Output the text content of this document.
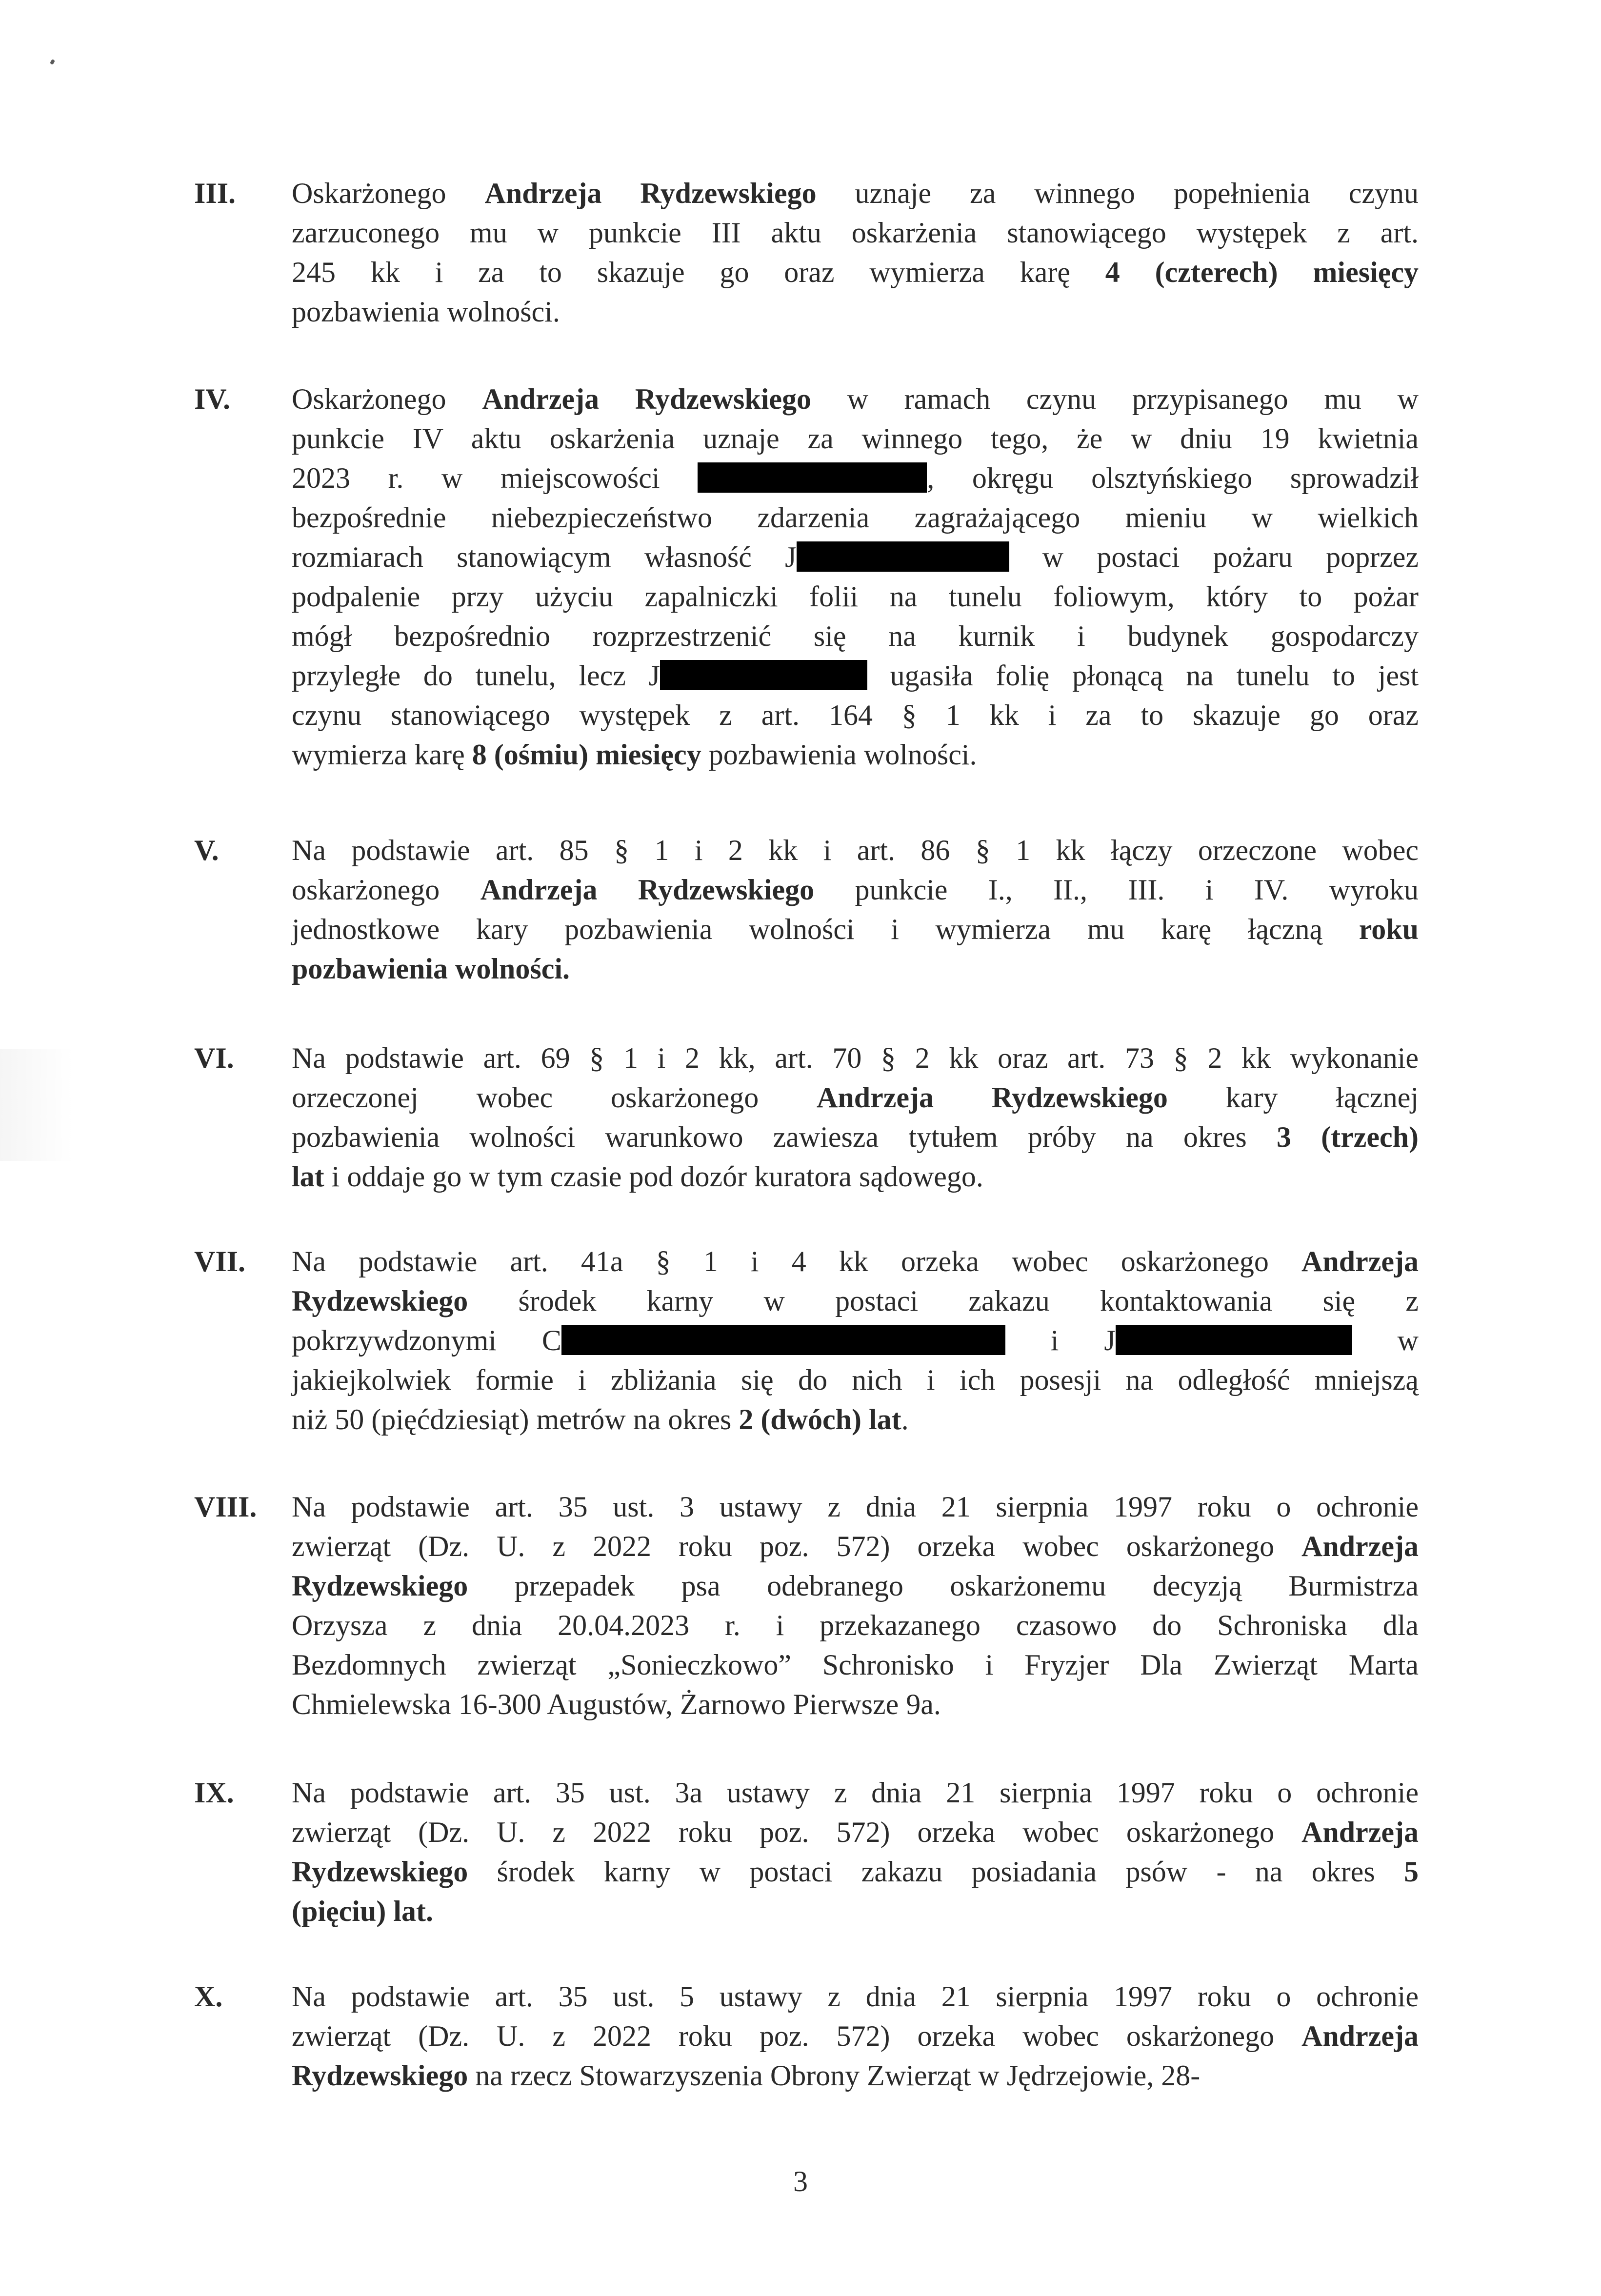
III. Oskarżonego Andrzeja Rydzewskiego uznaje za winnego popełnienia czynu
zarzuconego mu w punkcie III aktu oskarżenia stanowiącego występek z art.
245 kk i za to skazuje go oraz wymierza karę 4 (czterech) miesięcy
pozbawienia wolności.
IV. Oskarżonego Andrzeja Rydzewskiego w ramach czynu przypisanego mu w
punkcie IV aktu oskarżenia uznaje za winnego tego, że w dniu 19 kwietnia
2023 r. w miejscowości	, okręgu olsztyńskiego sprowadził
bezpośrednie niebezpieczeństwo zdarzenia zagrażającego mieniu w wielkich
rozmiarach stanowiącym własność J	w postaci pożaru poprzez
podpalenie przy użyciu zapalniczki folii na tunelu foliowym, który to pożar
mógł bezpośrednio rozprzestrzenić się na kurnik i budynek gospodarczy
przyległe do tunelu, lecz J	ugasiła folię płonącą na tunelu to jest
czynu stanowiącego występek z art. 164 § 1 kk i za to skazuje go oraz
wymierza karę 8 (ośmiu) miesięcy pozbawienia wolności.
V. Na podstawie art. 85 § 1 i 2 kk i art. 86 § 1 kk łączy orzeczone wobec
oskarżonego Andrzeja Rydzewskiego punkcie I., II., III. i IV. wyroku
jednostkowe kary pozbawienia wolności i wymierza mu karę łączną roku
pozbawienia wolności.
VI. Na podstawie art. 69 § 1 i 2 kk, art. 70 § 2 kk oraz art. 73 § 2 kk wykonanie
orzeczonej wobec oskarżonego Andrzeja Rydzewskiego kary łącznej
pozbawienia wolności warunkowo zawiesza tytułem próby na okres 3 (trzech)
lat i oddaje go w tym czasie pod dozór kuratora sądowego.
VII. Na podstawie art. 41a § 1 i 4 kk orzeka wobec oskarżonego Andrzeja
Rydzewskiego środek karny w postaci zakazu kontaktowania się z
pokrzywdzonymi C	i J	w
jakiejkolwiek formie i zbliżania się do nich i ich posesji na odległość mniejszą
niż 50 (pięćdziesiąt) metrów na okres 2 (dwóch) lat.
VIII. Na podstawie art. 35 ust. 3 ustawy z dnia 21 sierpnia 1997 roku o ochronie
zwierząt (Dz. U. z 2022 roku poz. 572) orzeka wobec oskarżonego Andrzeja
Rydzewskiego przepadek psa odebranego oskarżonemu decyzją Burmistrza
Orzysza z dnia 20.04.2023 r. i przekazanego czasowo do Schroniska dla
Bezdomnych zwierząt „Sonieczkowo” Schronisko i Fryzjer Dla Zwierząt Marta
Chmielewska 16-300 Augustów, Żarnowo Pierwsze 9a.
IX. Na podstawie art. 35 ust. 3a ustawy z dnia 21 sierpnia 1997 roku o ochronie
zwierząt (Dz. U. z 2022 roku poz. 572) orzeka wobec oskarżonego Andrzeja
Rydzewskiego środek karny w postaci zakazu posiadania psów - na okres 5
(pięciu) lat.
X. Na podstawie art. 35 ust. 5 ustawy z dnia 21 sierpnia 1997 roku o ochronie
zwierząt (Dz. U. z 2022 roku poz. 572) orzeka wobec oskarżonego Andrzeja
Rydzewskiego na rzecz Stowarzyszenia Obrony Zwierząt w Jędrzejowie, 28-
3
